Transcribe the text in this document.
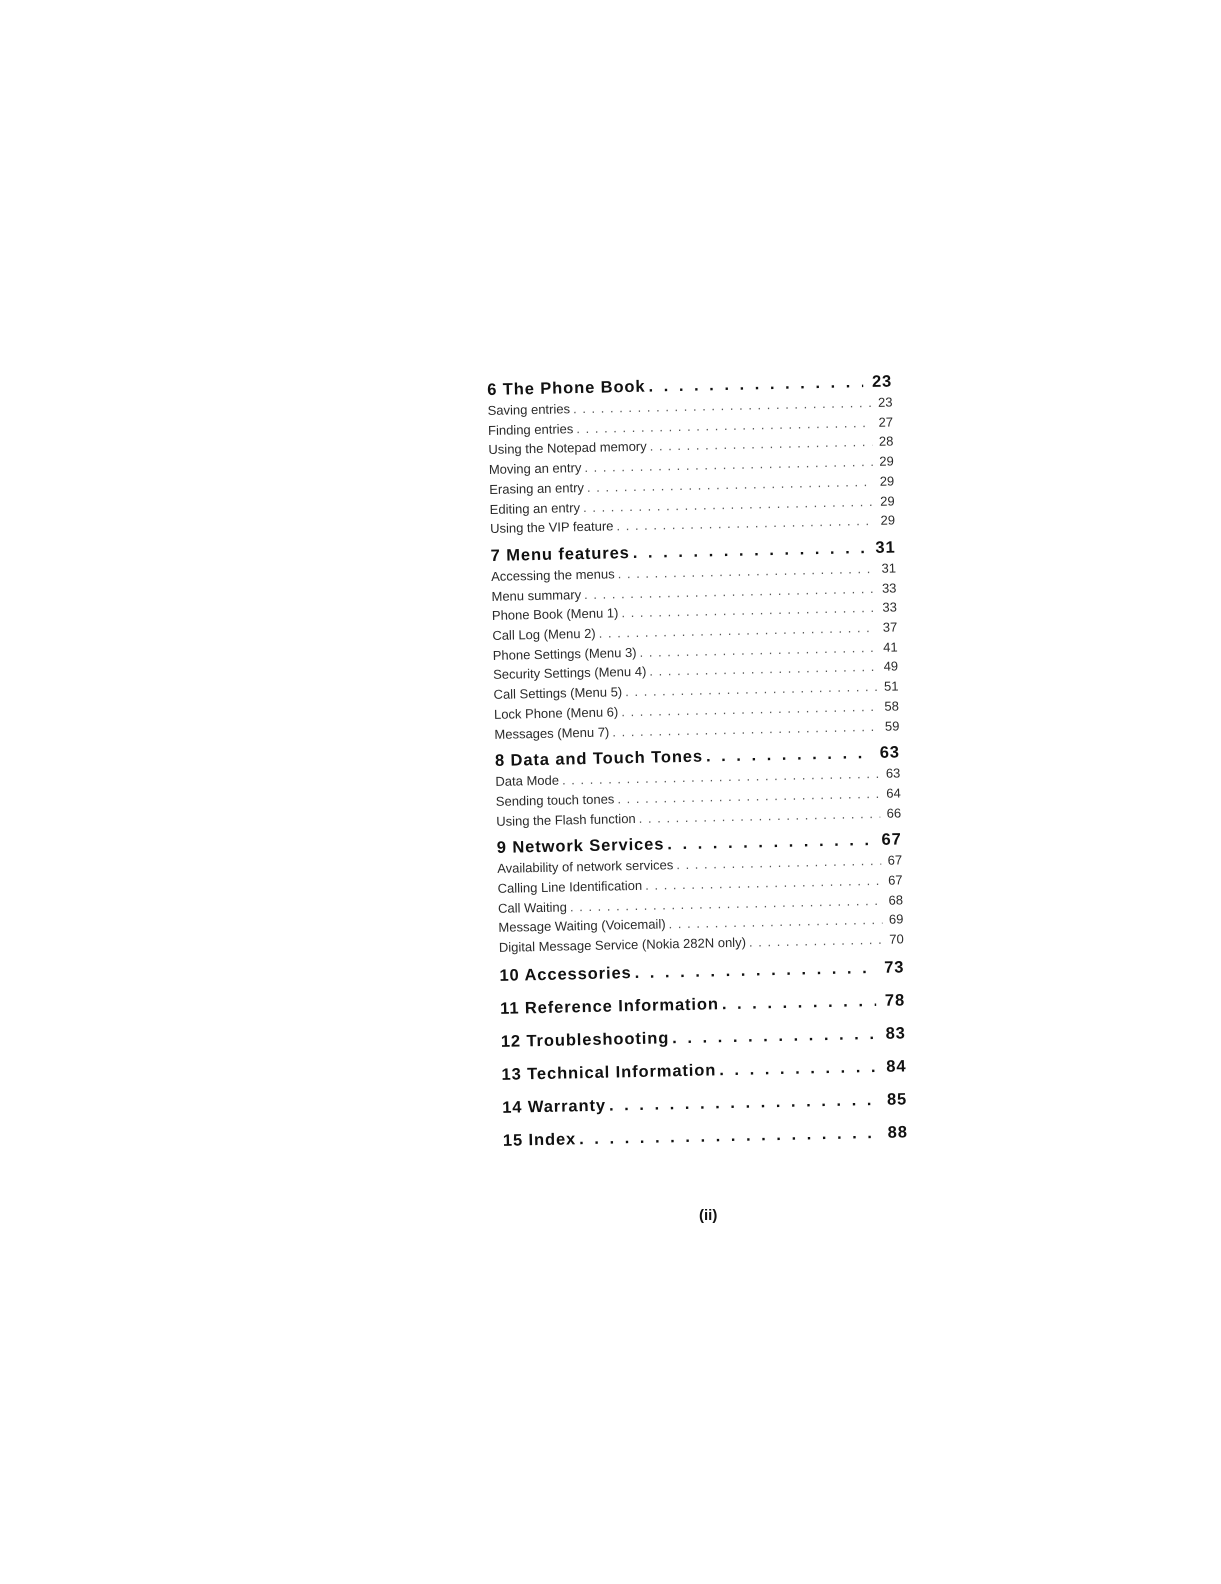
6 The Phone Book . . .	23
Saving entries . . .	23
Finding entries . . .	27
Using the Notepad memory . . .	28
Moving an entry . . .	29
Erasing an entry . . .	29
Editing an entry . . .	29
Using the VIP feature . . .	29
7 Menu features . . .	31
Accessing the menus . . .	31
Menu summary . . .	33
Phone Book (Menu 1) . . .	33
Call Log (Menu 2) . . .	37
Phone Settings (Menu 3) . . .	41
Security Settings (Menu 4) . . .	49
Call Settings (Menu 5) . . .	51
Lock Phone (Menu 6) . . .	58
Messages (Menu 7) . . .	59
8 Data and Touch Tones . . .	63
Data Mode . . .	63
Sending touch tones . . .	64
Using the Flash function . . .	66
9 Network Services . . .	67
Availability of network services . . .	67
Calling Line Identification . . .	67
Call Waiting . . .	68
Message Waiting (Voicemail) . . .	69
Digital Message Service (Nokia 282N only) . . .	70
10 Accessories . . .	73
11 Reference Information . . .	78
12 Troubleshooting . . .	83
13 Technical Information . . .	84
14 Warranty . . .	85
15 Index . . .	88
(ii)
